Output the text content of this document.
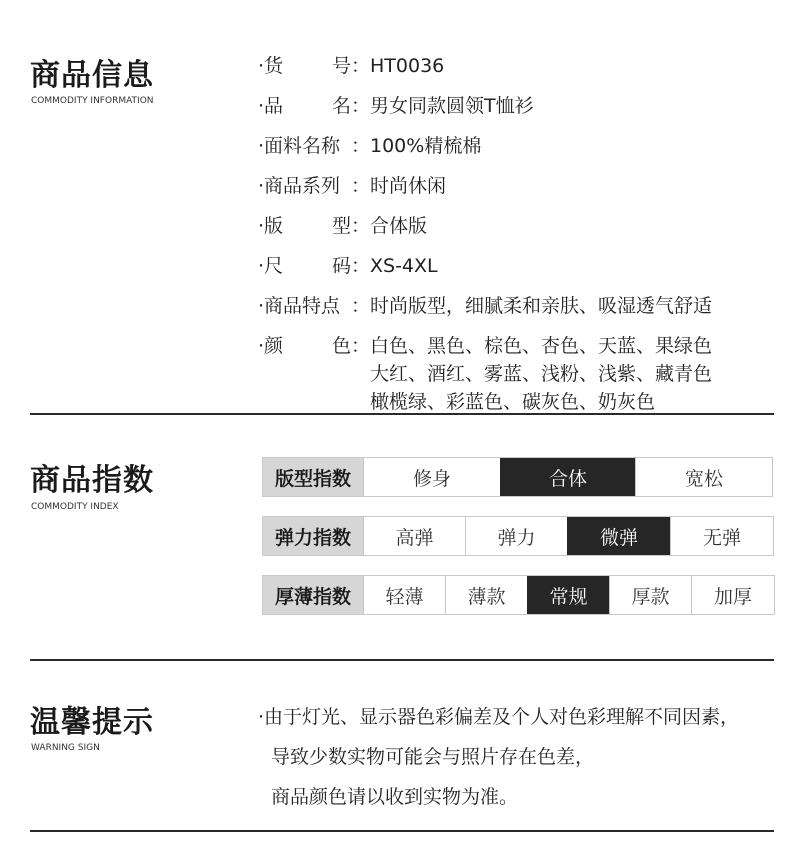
商品信息
COMMODITY INFORMATION
·货	号 ： HT0036
·品	名 ： 男女同款圆领T恤衫
·面料名称 ： 100%精梳棉
·商品系列 ： 时尚休闲
·版	型 ： 合体版
·尺	码 ： XS-4XL
·商品特点 ： 时尚版型，细腻柔和亲肤、吸湿透气舒适
·颜	色 ： 白色、黑色、棕色、杏色、天蓝、果绿色
大红、酒红、雾蓝、浅粉、浅紫、藏青色
橄榄绿、彩蓝色、碳灰色、奶灰色
商品指数
COMMODITY INDEX
版型指数	修身	合体	宽松
弹力指数	高弹	弹力	微弹	无弹
厚薄指数	轻薄	薄款	常规	厚款	加厚
温馨提示
WARNING SIGN
·由于灯光、显示器色彩偏差及个人对色彩理解不同因素，
导致少数实物可能会与照片存在色差，
商品颜色请以收到实物为准。
